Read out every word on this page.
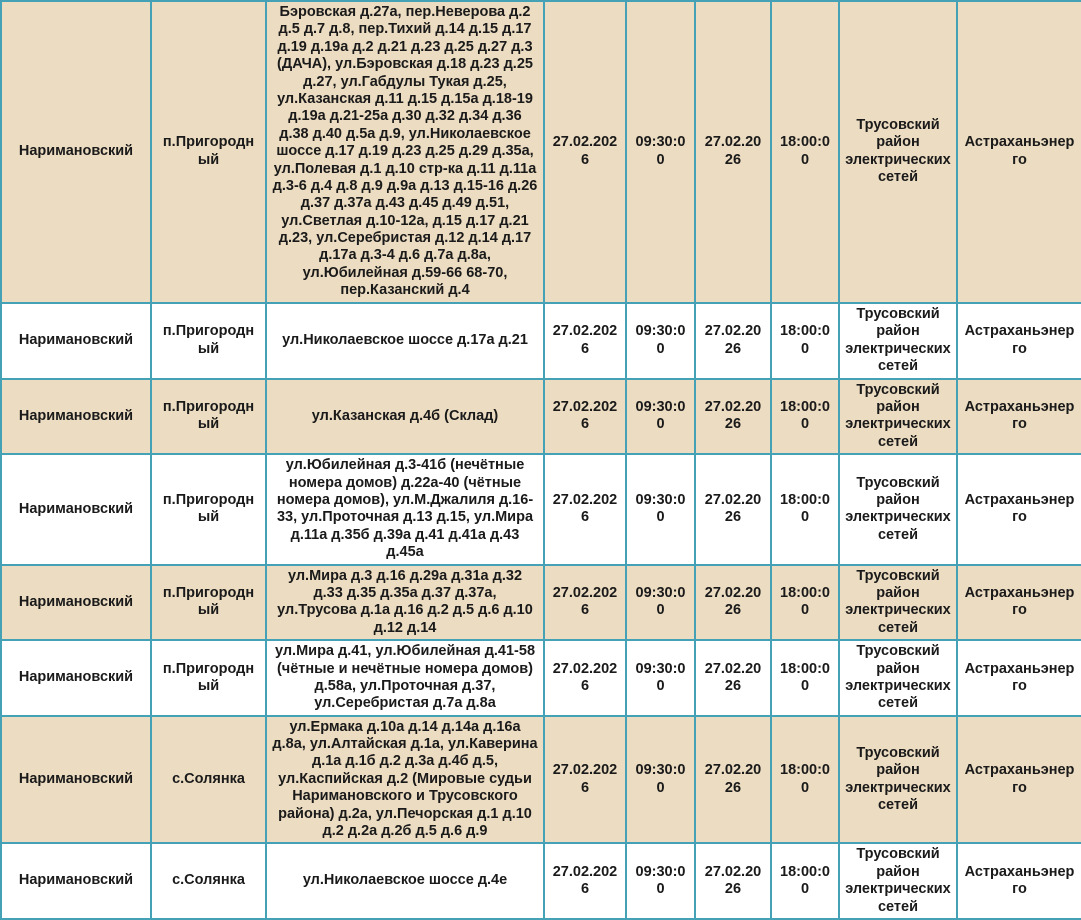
Наримановский	п.Пригородный	Бэровская д.27а, пер.Неверова д.2 д.5 д.7 д.8, пер.Тихий д.14 д.15 д.17 д.19 д.19а д.2 д.21 д.23 д.25 д.27 д.3 (ДАЧА), ул.Бэровская д.18 д.23 д.25 д.27, ул.Габдулы Тукая д.25, ул.Казанская д.11 д.15 д.15а д.18-19 д.19а д.21-25а д.30 д.32 д.34 д.36 д.38 д.40 д.5а д.9, ул.Николаевское шоссе д.17 д.19 д.23 д.25 д.29 д.35а, ул.Полевая д.1 д.10 стр-ка д.11 д.11а д.3-6 д.4 д.8 д.9 д.9а д.13 д.15-16 д.26 д.37 д.37а д.43 д.45 д.49 д.51, ул.Светлая д.10-12а, д.15 д.17 д.21 д.23, ул.Серебристая д.12 д.14 д.17 д.17а д.3-4 д.6 д.7а д.8а, ул.Юбилейная д.59-66 68-70, пер.Казанский д.4	27.02.2026	09:30:00	27.02.2026	18:00:00	Трусовский район электрических сетей	Астраханьэнерго
Наримановский	п.Пригородный	ул.Николаевское шоссе д.17а д.21	27.02.2026	09:30:00	27.02.2026	18:00:00	Трусовский район электрических сетей	Астраханьэнерго
Наримановский	п.Пригородный	ул.Казанская д.4б (Склад)	27.02.2026	09:30:00	27.02.2026	18:00:00	Трусовский район электрических сетей	Астраханьэнерго
Наримановский	п.Пригородный	ул.Юбилейная д.3-41б (нечётные номера домов) д.22а-40 (чётные номера домов), ул.М.Джалиля д.16-33, ул.Проточная д.13 д.15, ул.Мира д.11а д.35б д.39а д.41 д.41а д.43 д.45а	27.02.2026	09:30:00	27.02.2026	18:00:00	Трусовский район электрических сетей	Астраханьэнерго
Наримановский	п.Пригородный	ул.Мира д.3 д.16 д.29а д.31а д.32 д.33 д.35 д.35а д.37 д.37а, ул.Трусова д.1а д.16 д.2 д.5 д.6 д.10 д.12 д.14	27.02.2026	09:30:00	27.02.2026	18:00:00	Трусовский район электрических сетей	Астраханьэнерго
Наримановский	п.Пригородный	ул.Мира д.41, ул.Юбилейная д.41-58 (чётные и нечётные номера домов) д.58а, ул.Проточная д.37, ул.Серебристая д.7а д.8а	27.02.2026	09:30:00	27.02.2026	18:00:00	Трусовский район электрических сетей	Астраханьэнерго
Наримановский	с.Солянка	ул.Ермака д.10а д.14 д.14а д.16а д.8а, ул.Алтайская д.1а, ул.Каверина д.1а д.1б д.2 д.3а д.4б д.5, ул.Каспийская д.2 (Мировые судьи Наримановского и Трусовского района) д.2а, ул.Печорская д.1 д.10 д.2 д.2а д.2б д.5 д.6 д.9	27.02.2026	09:30:00	27.02.2026	18:00:00	Трусовский район электрических сетей	Астраханьэнерго
Наримановский	с.Солянка	ул.Николаевское шоссе д.4е	27.02.2026	09:30:00	27.02.2026	18:00:00	Трусовский район электрических сетей	Астраханьэнерго
